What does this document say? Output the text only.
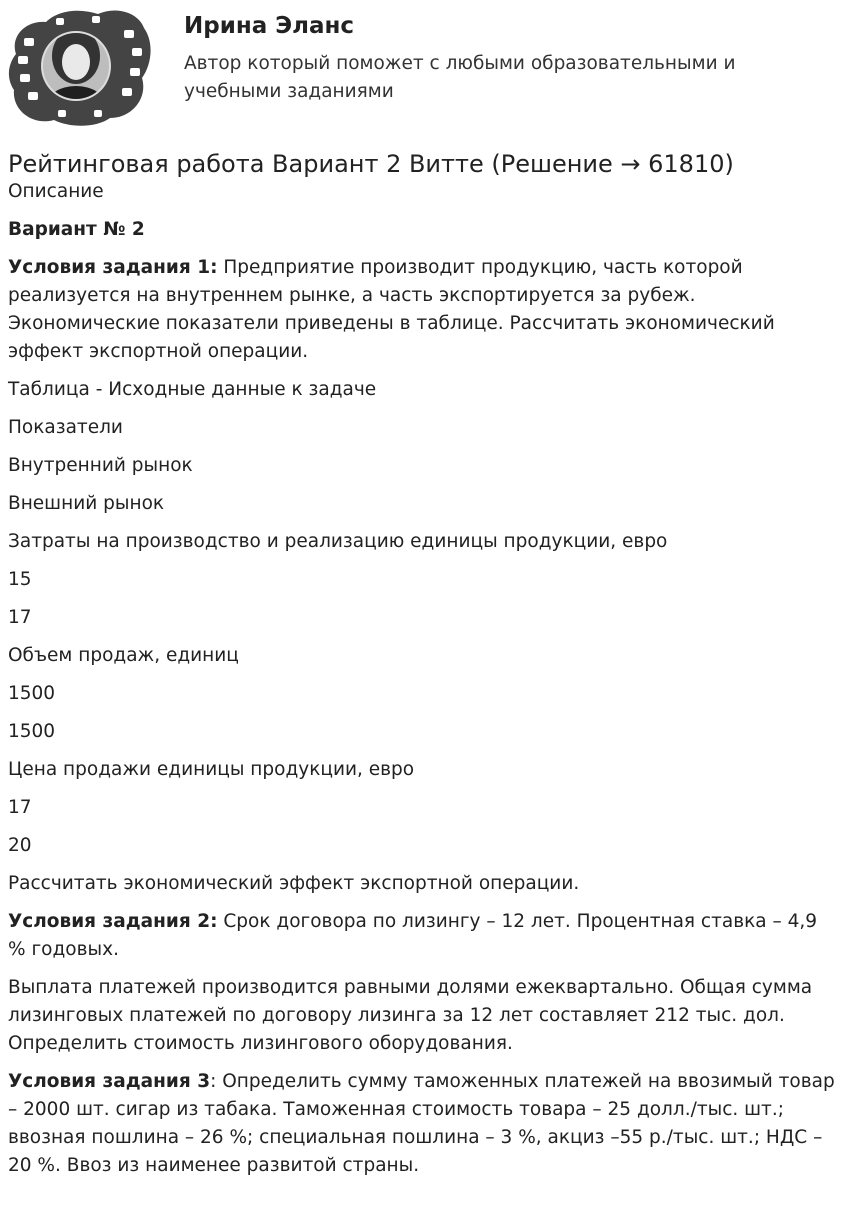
Ирина Эланс
Автор который поможет с любыми образовательными и учебными заданиями
Рейтинговая работа Вариант 2 Витте (Решение → 61810)
Описание
Вариант № 2
Условия задания 1: Предприятие производит продукцию, часть которой реализуется на внутреннем рынке, а часть экспортируется за рубеж. Экономические показатели приведены в таблице. Рассчитать экономический эффект экспортной операции.
Таблица - Исходные данные к задаче
Показатели
Внутренний рынок
Внешний рынок
Затраты на производство и реализацию единицы продукции, евро
15
17
Объем продаж, единиц
1500
1500
Цена продажи единицы продукции, евро
17
20
Рассчитать экономический эффект экспортной операции.
Условия задания 2: Срок договора по лизингу – 12 лет. Процентная ставка – 4,9 % годовых.
Выплата платежей производится равными долями ежеквартально. Общая сумма лизинговых платежей по договору лизинга за 12 лет составляет 212 тыс. дол. Определить стоимость лизингового оборудования.
Условия задания 3: Определить сумму таможенных платежей на ввозимый товар – 2000 шт. сигар из табака. Таможенная стоимость товара – 25 долл./тыс. шт.; ввозная пошлина – 26 %; специальная пошлина – 3 %, акциз –55 р./тыс. шт.; НДС – 20 %. Ввоз из наименее развитой страны.
